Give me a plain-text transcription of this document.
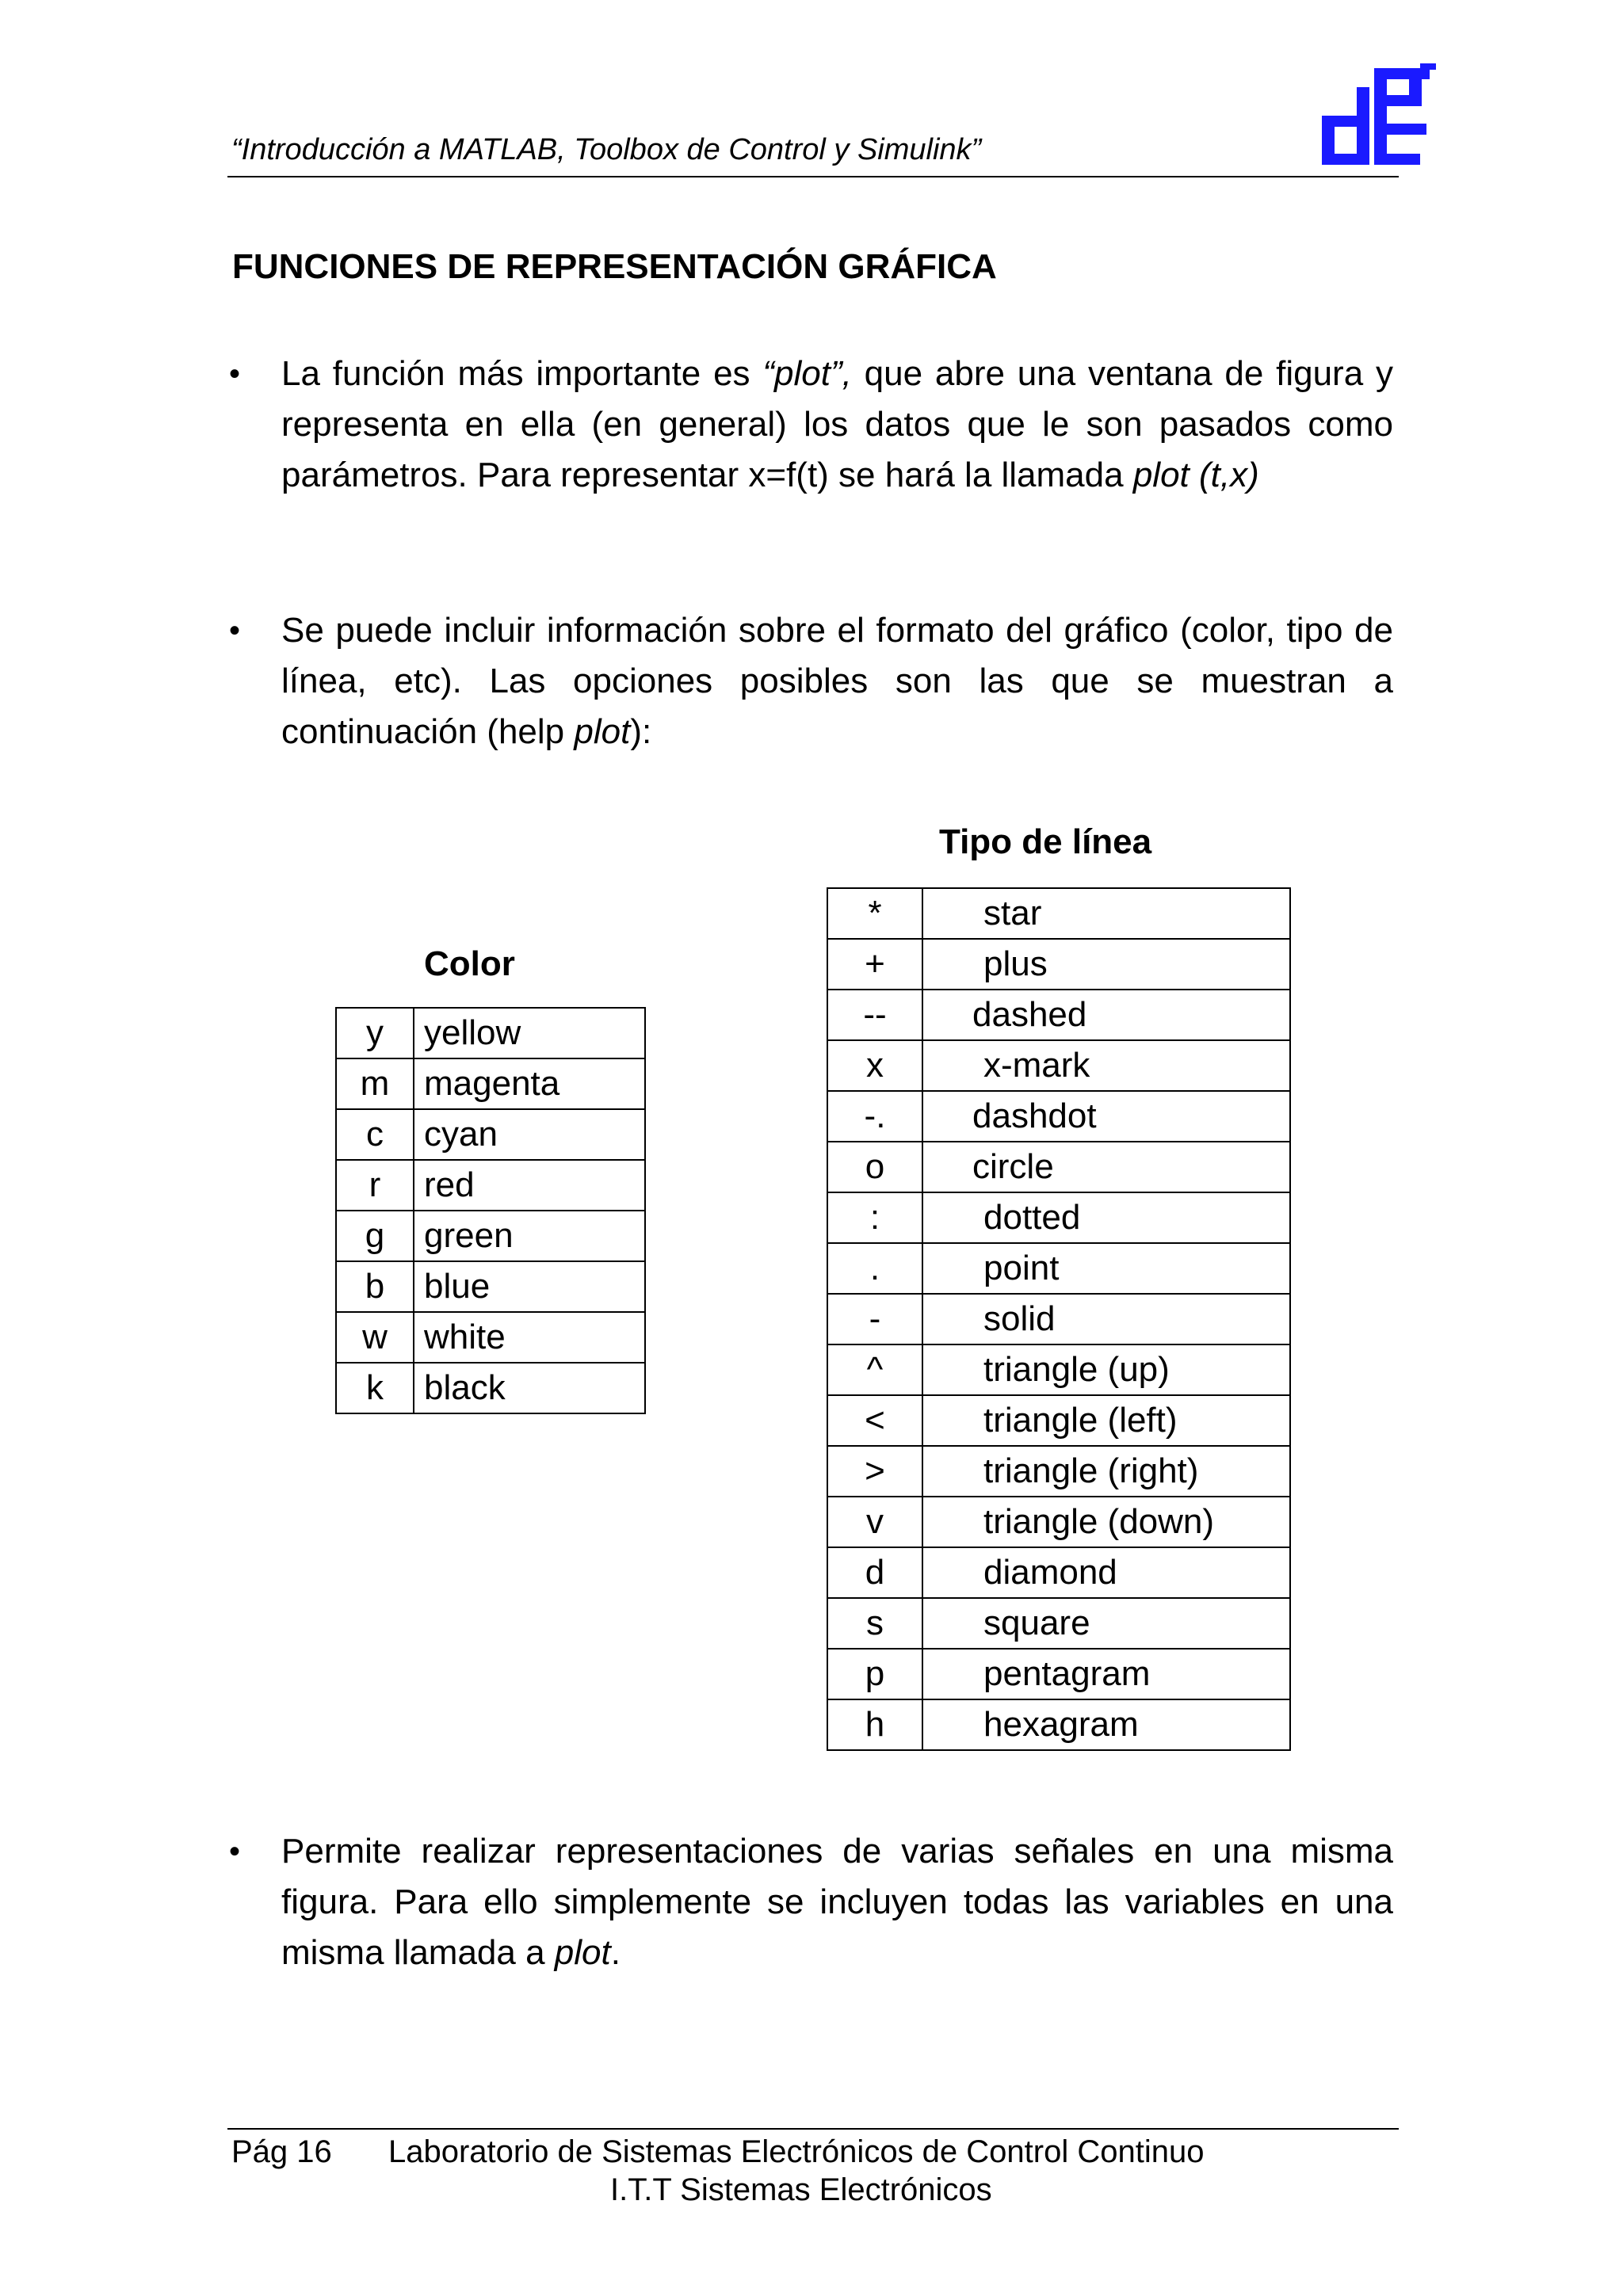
“Introducción a MATLAB, Toolbox de Control y Simulink”
FUNCIONES DE REPRESENTACIÓN GRÁFICA
• La función más importante es “plot”, que abre una ventana de figura y representa en ella (en general) los datos que le son pasados como parámetros. Para representar x=f(t) se hará la llamada plot (t,x)

• Se puede incluir información sobre el formato del gráfico (color, tipo de línea, etc). Las opciones posibles son las que se muestran a continuación (help plot):

Tipo de línea
*	star
+	plus
--	dashed
x	x-mark
-.	dashdot
o	circle
:	dotted
.	point
-	solid
^	triangle (up)
<	triangle (left)
>	triangle (right)
v	triangle (down)
d	diamond
s	square
p	pentagram
h	hexagram
Color
y	yellow
m	magenta
c	cyan
r	red
g	green
b	blue
w	white
k	black
• Permite realizar representaciones de varias señales en una misma figura. Para ello simplemente se incluyen todas las variables en una misma llamada a plot.

Pág 16 Laboratorio de Sistemas Electrónicos de Control Continuo
I.T.T Sistemas Electrónicos
